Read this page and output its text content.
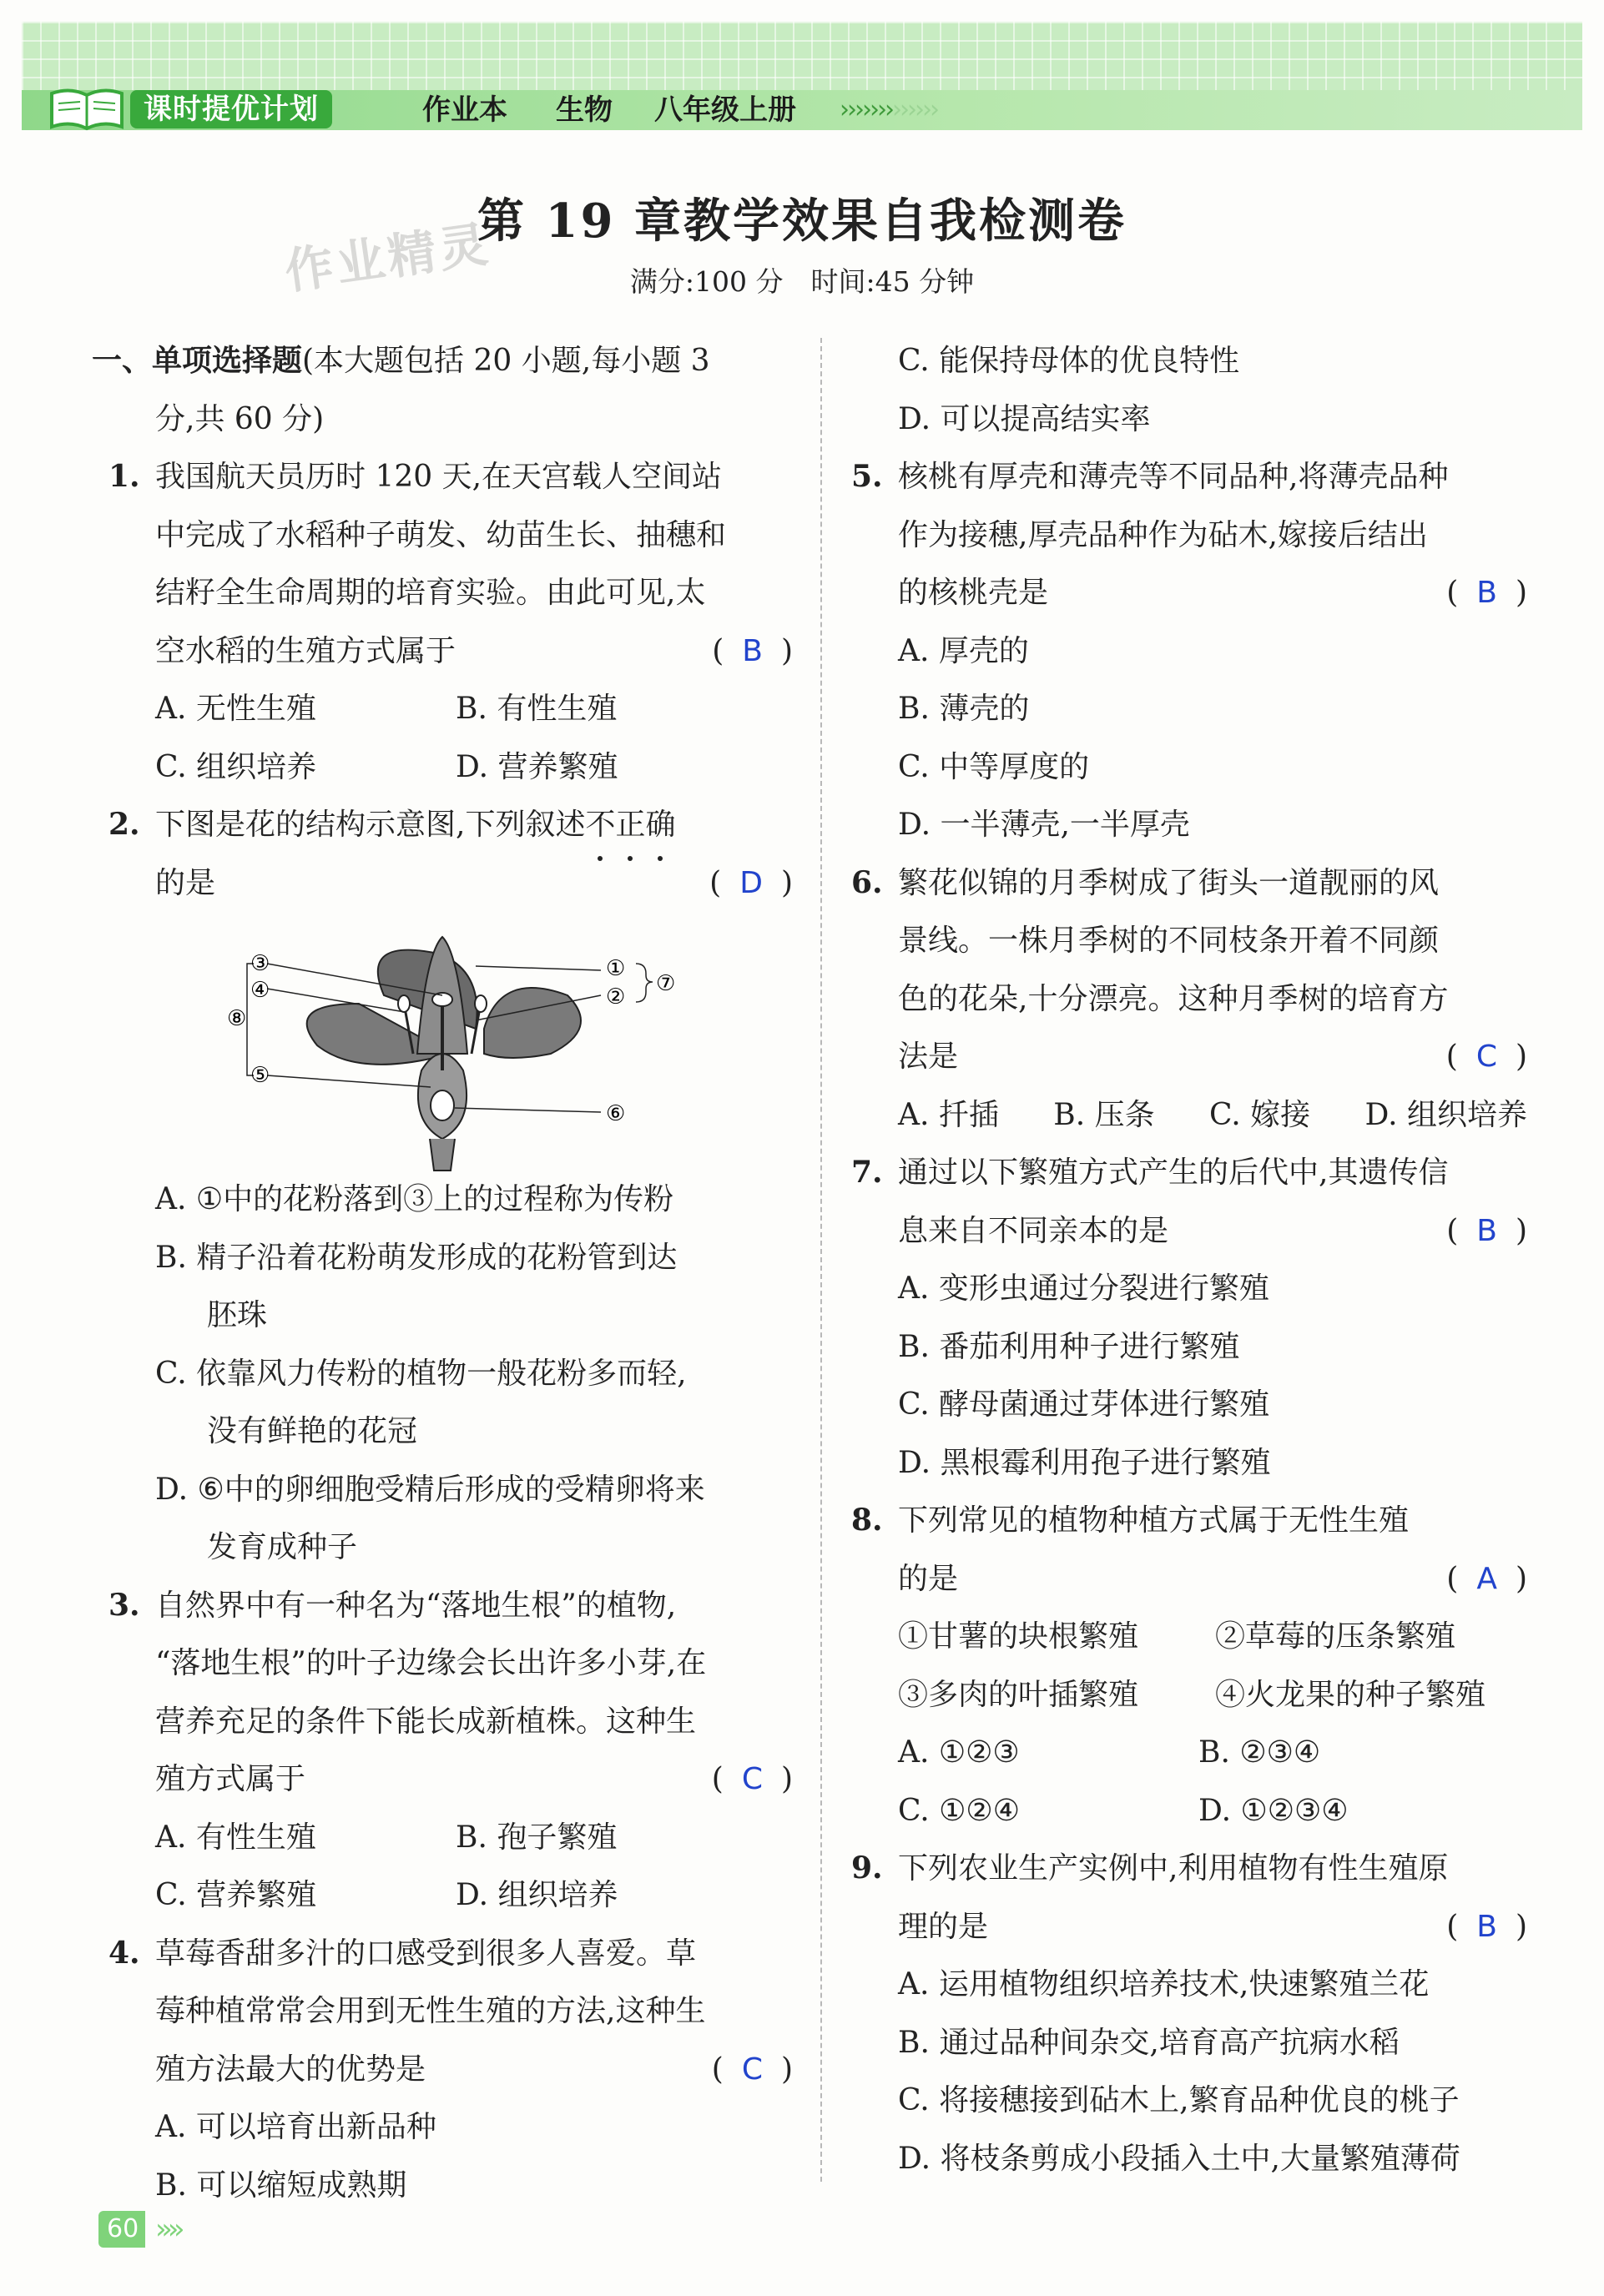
课时提优计划	作业本 生物 八年级上册 ›››››››››››››
作业精灵
第 19 章教学效果自我检测卷
满分:100 分　时间:45 分钟
一、单项选择题(本大题包括 20 小题,每小题 3
分,共 60 分)
1. 我国航天员历时 120 天,在天宫载人空间站
中完成了水稻种子萌发、幼苗生长、抽穗和
结籽全生命周期的培育实验。由此可见,太
空水稻的生殖方式属于	( B )
A. 无性生殖	B. 有性生殖
C. 组织培养	D. 营养繁殖
2. 下图是花的结构示意图,下列叙述不正确
的是	( D )
③
④
⑧
⑤
①
②
⑦
⑥
A. ①中的花粉落到③上的过程称为传粉
B. 精子沿着花粉萌发形成的花粉管到达
胚珠
C. 依靠风力传粉的植物一般花粉多而轻,
没有鲜艳的花冠
D. ⑥中的卵细胞受精后形成的受精卵将来
发育成种子
3. 自然界中有一种名为“落地生根”的植物,
“落地生根”的叶子边缘会长出许多小芽,在
营养充足的条件下能长成新植株。这种生
殖方式属于	( C )
A. 有性生殖	B. 孢子繁殖
C. 营养繁殖	D. 组织培养
4. 草莓香甜多汁的口感受到很多人喜爱。草
莓种植常常会用到无性生殖的方法,这种生
殖方法最大的优势是	( C )
A. 可以培育出新品种
B. 可以缩短成熟期
C. 能保持母体的优良特性
D. 可以提高结实率
5. 核桃有厚壳和薄壳等不同品种,将薄壳品种
作为接穗,厚壳品种作为砧木,嫁接后结出
的核桃壳是	( B )
A. 厚壳的
B. 薄壳的
C. 中等厚度的
D. 一半薄壳,一半厚壳
6. 繁花似锦的月季树成了街头一道靓丽的风
景线。一株月季树的不同枝条开着不同颜
色的花朵,十分漂亮。这种月季树的培育方
法是	( C )
A. 扦插 B. 压条 C. 嫁接 D. 组织培养
7. 通过以下繁殖方式产生的后代中,其遗传信
息来自不同亲本的是	( B )
A. 变形虫通过分裂进行繁殖
B. 番茄利用种子进行繁殖
C. 酵母菌通过芽体进行繁殖
D. 黑根霉利用孢子进行繁殖
8. 下列常见的植物种植方式属于无性生殖
的是	( A )
①甘薯的块根繁殖	②草莓的压条繁殖
③多肉的叶插繁殖	④火龙果的种子繁殖
A. ①②③	B. ②③④
C. ①②④	D. ①②③④
9. 下列农业生产实例中,利用植物有性生殖原
理的是	( B )
A. 运用植物组织培养技术,快速繁殖兰花
B. 通过品种间杂交,培育高产抗病水稻
C. 将接穗接到砧木上,繁育品种优良的桃子
D. 将枝条剪成小段插入土中,大量繁殖薄荷
60 »»
